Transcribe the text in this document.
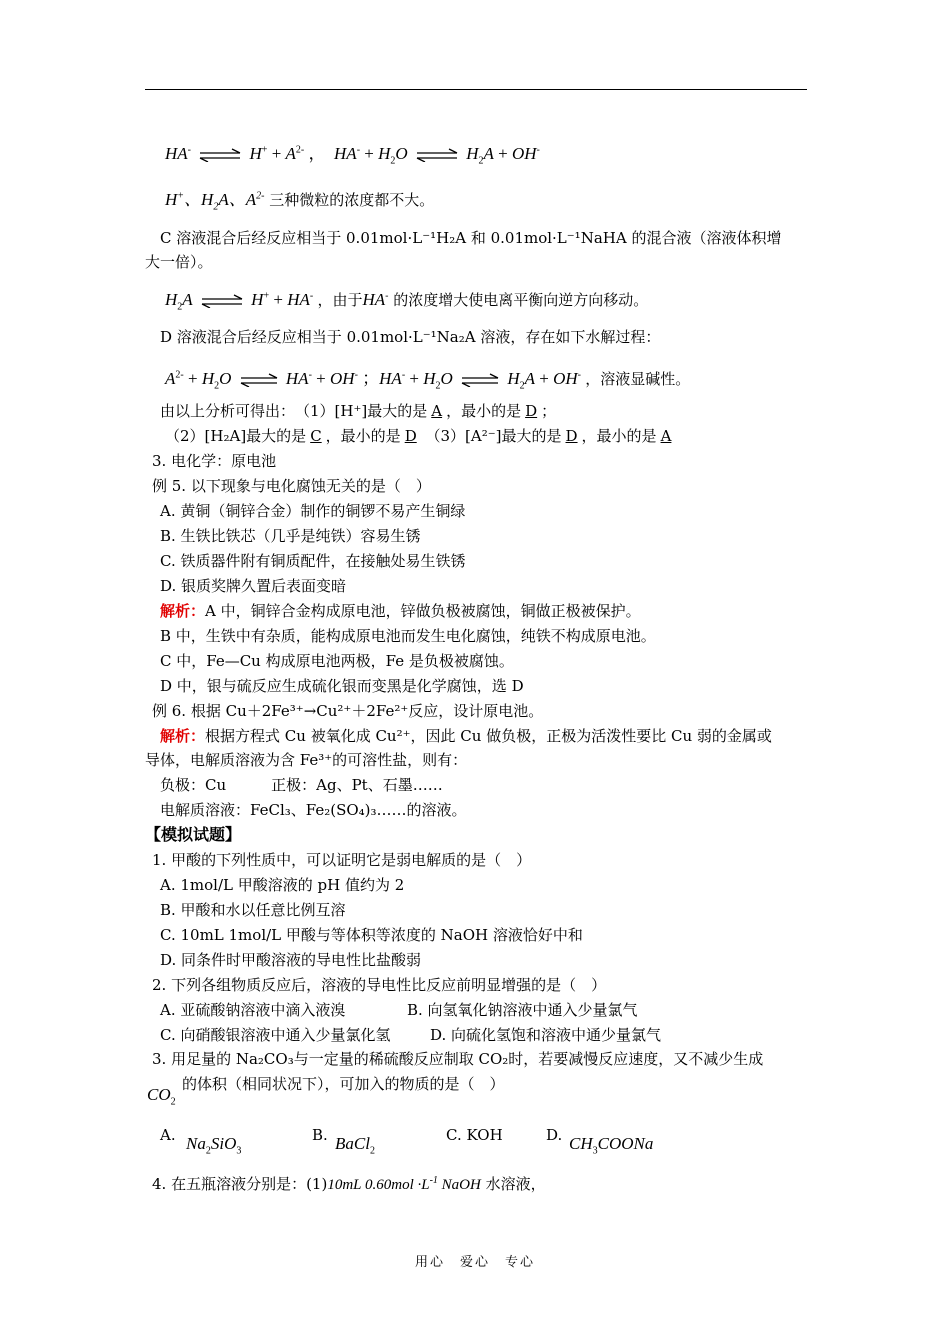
HA- ⇌ $H^+ + A^{2-}$ ，  $HA^- + H_2O$ ⇌ $H_2A + OH^-$
H+、$H_2A$、$A^{2-}$ 三种微粒的浓度都不大。
C 溶液混合后经反应相当于 0.01mol·L⁻¹H₂A 和 0.01mol·L⁻¹NaHA 的混合液（溶液体积增
大一倍）。
$H_2A$ ⇌ H+ + HA- ，由于HA- 的浓度增大使电离平衡向逆方向移动。
D 溶液混合后经反应相当于 0.01mol·L⁻¹Na₂A 溶液，存在如下水解过程：
$A^{2-} + H_2O$ ⇌ HA- + OH- ；$HA^- + H_2O$ ⇌ $H_2A + OH^-$ ，溶液显碱性。
由以上分析可得出：　（1）[H⁺]最大的是 A ，最小的是 D ；
（2）[H₂A]最大的是 C ，最小的是 D （3）[A²⁻]最大的是 D ，最小的是 A
3. 电化学：原电池
例 5. 以下现象与电化腐蚀无关的是（　）
A. 黄铜（铜锌合金）制作的铜锣不易产生铜绿
B. 生铁比铁芯（几乎是纯铁）容易生锈
C. 铁质器件附有铜质配件，在接触处易生铁锈
D. 银质奖牌久置后表面变暗
解析：A 中，铜锌合金构成原电池，锌做负极被腐蚀，铜做正极被保护。
B 中，生铁中有杂质，能构成原电池而发生电化腐蚀，纯铁不构成原电池。
C 中，Fe—Cu 构成原电池两极，Fe 是负极被腐蚀。
D 中，银与硫反应生成硫化银而变黑是化学腐蚀，选 D
例 6. 根据 Cu＋2Fe³⁺→Cu²⁺＋2Fe²⁺反应，设计原电池。
解析：根据方程式 Cu 被氧化成 Cu²⁺，因此 Cu 做负极，正极为活泼性要比 Cu 弱的金属或
导体，电解质溶液为含 Fe³⁺的可溶性盐，则有：
负极：Cu　　　正极：Ag、Pt、石墨……
电解质溶液：FeCl₃、Fe₂(SO₄)₃……的溶液。
【模拟试题】
1. 甲酸的下列性质中，可以证明它是弱电解质的是（　）
A. 1mol/L 甲酸溶液的 pH 值约为 2
B. 甲酸和水以任意比例互溶
C. 10mL 1mol/L 甲酸与等体积等浓度的 NaOH 溶液恰好中和
D. 同条件时甲酸溶液的导电性比盐酸弱
2. 下列各组物质反应后，溶液的导电性比反应前明显增强的是（　）
A. 亚硫酸钠溶液中滴入液溴	B. 向氢氧化钠溶液中通入少量氯气
C. 向硝酸银溶液中通入少量氯化氢	D. 向硫化氢饱和溶液中通少量氯气
3. 用足量的 Na₂CO₃与一定量的稀硫酸反应制取 CO₂时，若要减慢反应速度，又不减少生成
$CO_2$
的体积（相同状况下），可加入的物质的是（　）
A. $Na_2SiO_3$
B. BaCl$_2$
C. KOH	D. $CH_3COONa$
4. 在五瓶溶液分别是：(1)10mL $0.60mol \cdot L^{-1}$ NaOH 水溶液，
用心　爱心　专心
